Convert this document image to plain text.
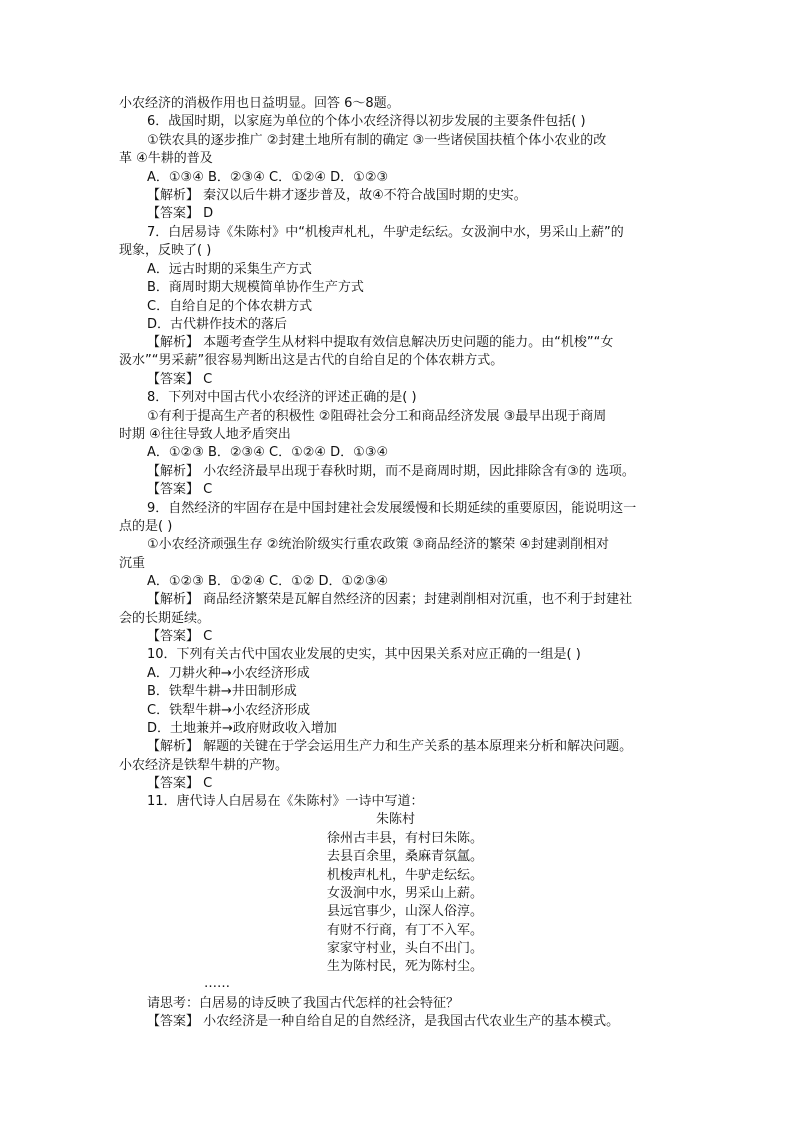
小农经济的消极作用也日益明显。回答 6～8题。
6．战国时期，以家庭为单位的个体小农经济得以初步发展的主要条件包括( )
①铁农具的逐步推广 ②封建土地所有制的确定 ③一些诸侯国扶植个体小农业的改
革 ④牛耕的普及
A．①③④ B．②③④ C．①②④ D．①②③
【解析】 秦汉以后牛耕才逐步普及，故④不符合战国时期的史实。
【答案】 D
7．白居易诗《朱陈村》中“机梭声札札，牛驴走纭纭。女汲涧中水，男采山上薪”的
现象，反映了( )
A．远古时期的采集生产方式
B．商周时期大规模简单协作生产方式
C．自给自足的个体农耕方式
D．古代耕作技术的落后
【解析】 本题考查学生从材料中提取有效信息解决历史问题的能力。由“机梭”“女
汲水”“男采薪”很容易判断出这是古代的自给自足的个体农耕方式。
【答案】 C
8．下列对中国古代小农经济的评述正确的是( )
①有利于提高生产者的积极性 ②阻碍社会分工和商品经济发展 ③最早出现于商周
时期 ④往往导致人地矛盾突出
A．①②③ B．②③④ C．①②④ D．①③④
【解析】 小农经济最早出现于春秋时期，而不是商周时期，因此排除含有③的 选项。
【答案】 C
9．自然经济的牢固存在是中国封建社会发展缓慢和长期延续的重要原因，能说明这一
点的是( )
①小农经济顽强生存 ②统治阶级实行重农政策 ③商品经济的繁荣 ④封建剥削相对
沉重
A．①②③ B．①②④ C．①② D．①②③④
【解析】 商品经济繁荣是瓦解自然经济的因素；封建剥削相对沉重，也不利于封建社
会的长期延续。
【答案】 C
10．下列有关古代中国农业发展的史实，其中因果关系对应正确的一组是( )
A．刀耕火种→小农经济形成
B．铁犁牛耕→井田制形成
C．铁犁牛耕→小农经济形成
D．土地兼并→政府财政收入增加
【解析】 解题的关键在于学会运用生产力和生产关系的基本原理来分析和解决问题。
小农经济是铁犁牛耕的产物。
【答案】 C
11．唐代诗人白居易在《朱陈村》一诗中写道：
朱陈村
徐州古丰县，有村曰朱陈。
去县百余里，桑麻青氛氲。
机梭声札札，牛驴走纭纭。
女汲涧中水，男采山上薪。
县远官事少，山深人俗淳。
有财不行商，有丁不入军。
家家守村业，头白不出门。
生为陈村民，死为陈村尘。
……
请思考：白居易的诗反映了我国古代怎样的社会特征？
【答案】 小农经济是一种自给自足的自然经济，是我国古代农业生产的基本模式。
